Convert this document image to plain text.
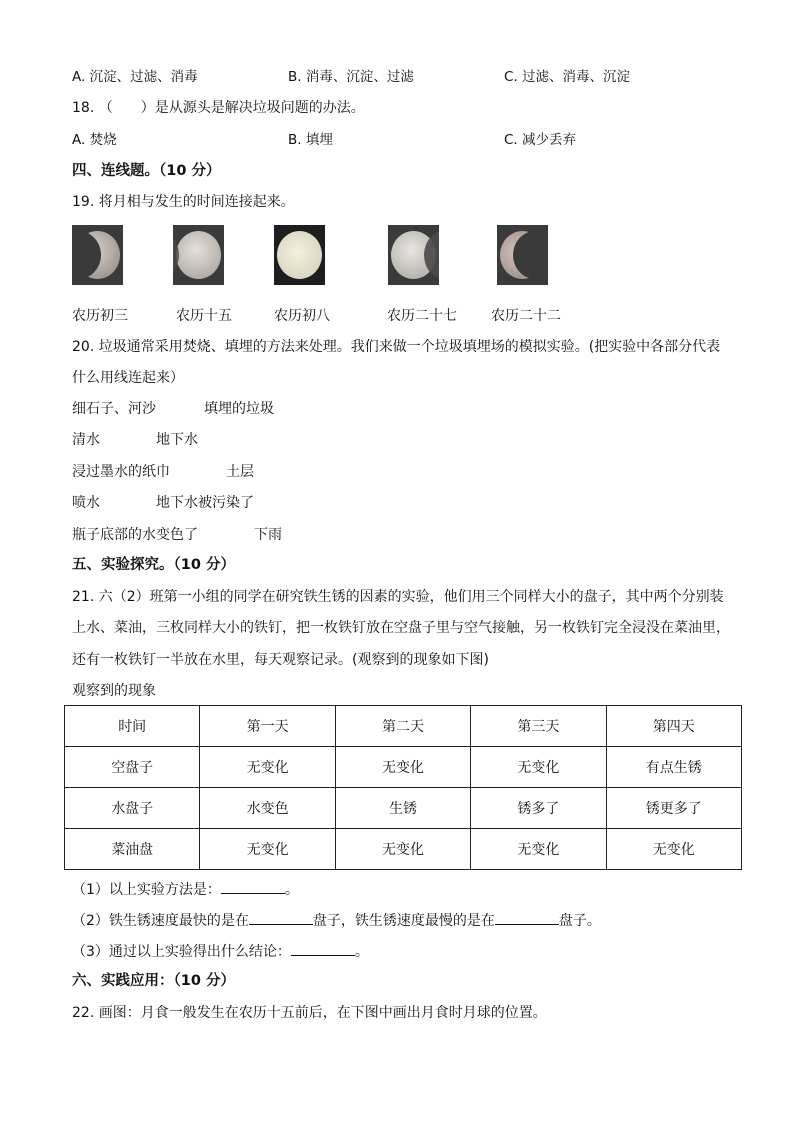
A. 沉淀、过滤、消毒	B. 消毒、沉淀、过滤	C. 过滤、消毒、沉淀
18. （　　）是从源头是解决垃圾问题的办法。
A. 焚烧	B. 填埋	C. 减少丢弃
四、连线题。（10 分）
19. 将月相与发生的时间连接起来。
农历初三	农历十五	农历初八	农历二十七 农历二十二
20. 垃圾通常采用焚烧、填埋的方法来处理。我们来做一个垃圾填埋场的模拟实验。(把实验中各部分代表
什么用线连起来）
细石子、河沙	填埋的垃圾
清水	地下水
浸过墨水的纸巾	土层
喷水	地下水被污染了
瓶子底部的水变色了	下雨
五、实验探究。（10 分）
21. 六（2）班第一小组的同学在研究铁生锈的因素的实验，他们用三个同样大小的盘子，其中两个分别装
上水、菜油，三枚同样大小的铁钉，把一枚铁钉放在空盘子里与空气接触，另一枚铁钉完全浸没在菜油里，
还有一枚铁钉一半放在水里，每天观察记录。(观察到的现象如下图)
观察到的现象
时间	第一天	第二天	第三天	第四天
空盘子	无变化	无变化	无变化	有点生锈
水盘子	水变色	生锈	锈多了	锈更多了
菜油盘	无变化	无变化	无变化	无变化
（1）以上实验方法是：	。
（2）铁生锈速度最快的是在	盘子，铁生锈速度最慢的是在	盘子。
（3）通过以上实验得出什么结论：	。
六、实践应用：（10 分）
22. 画图：月食一般发生在农历十五前后，在下图中画出月食时月球的位置。
